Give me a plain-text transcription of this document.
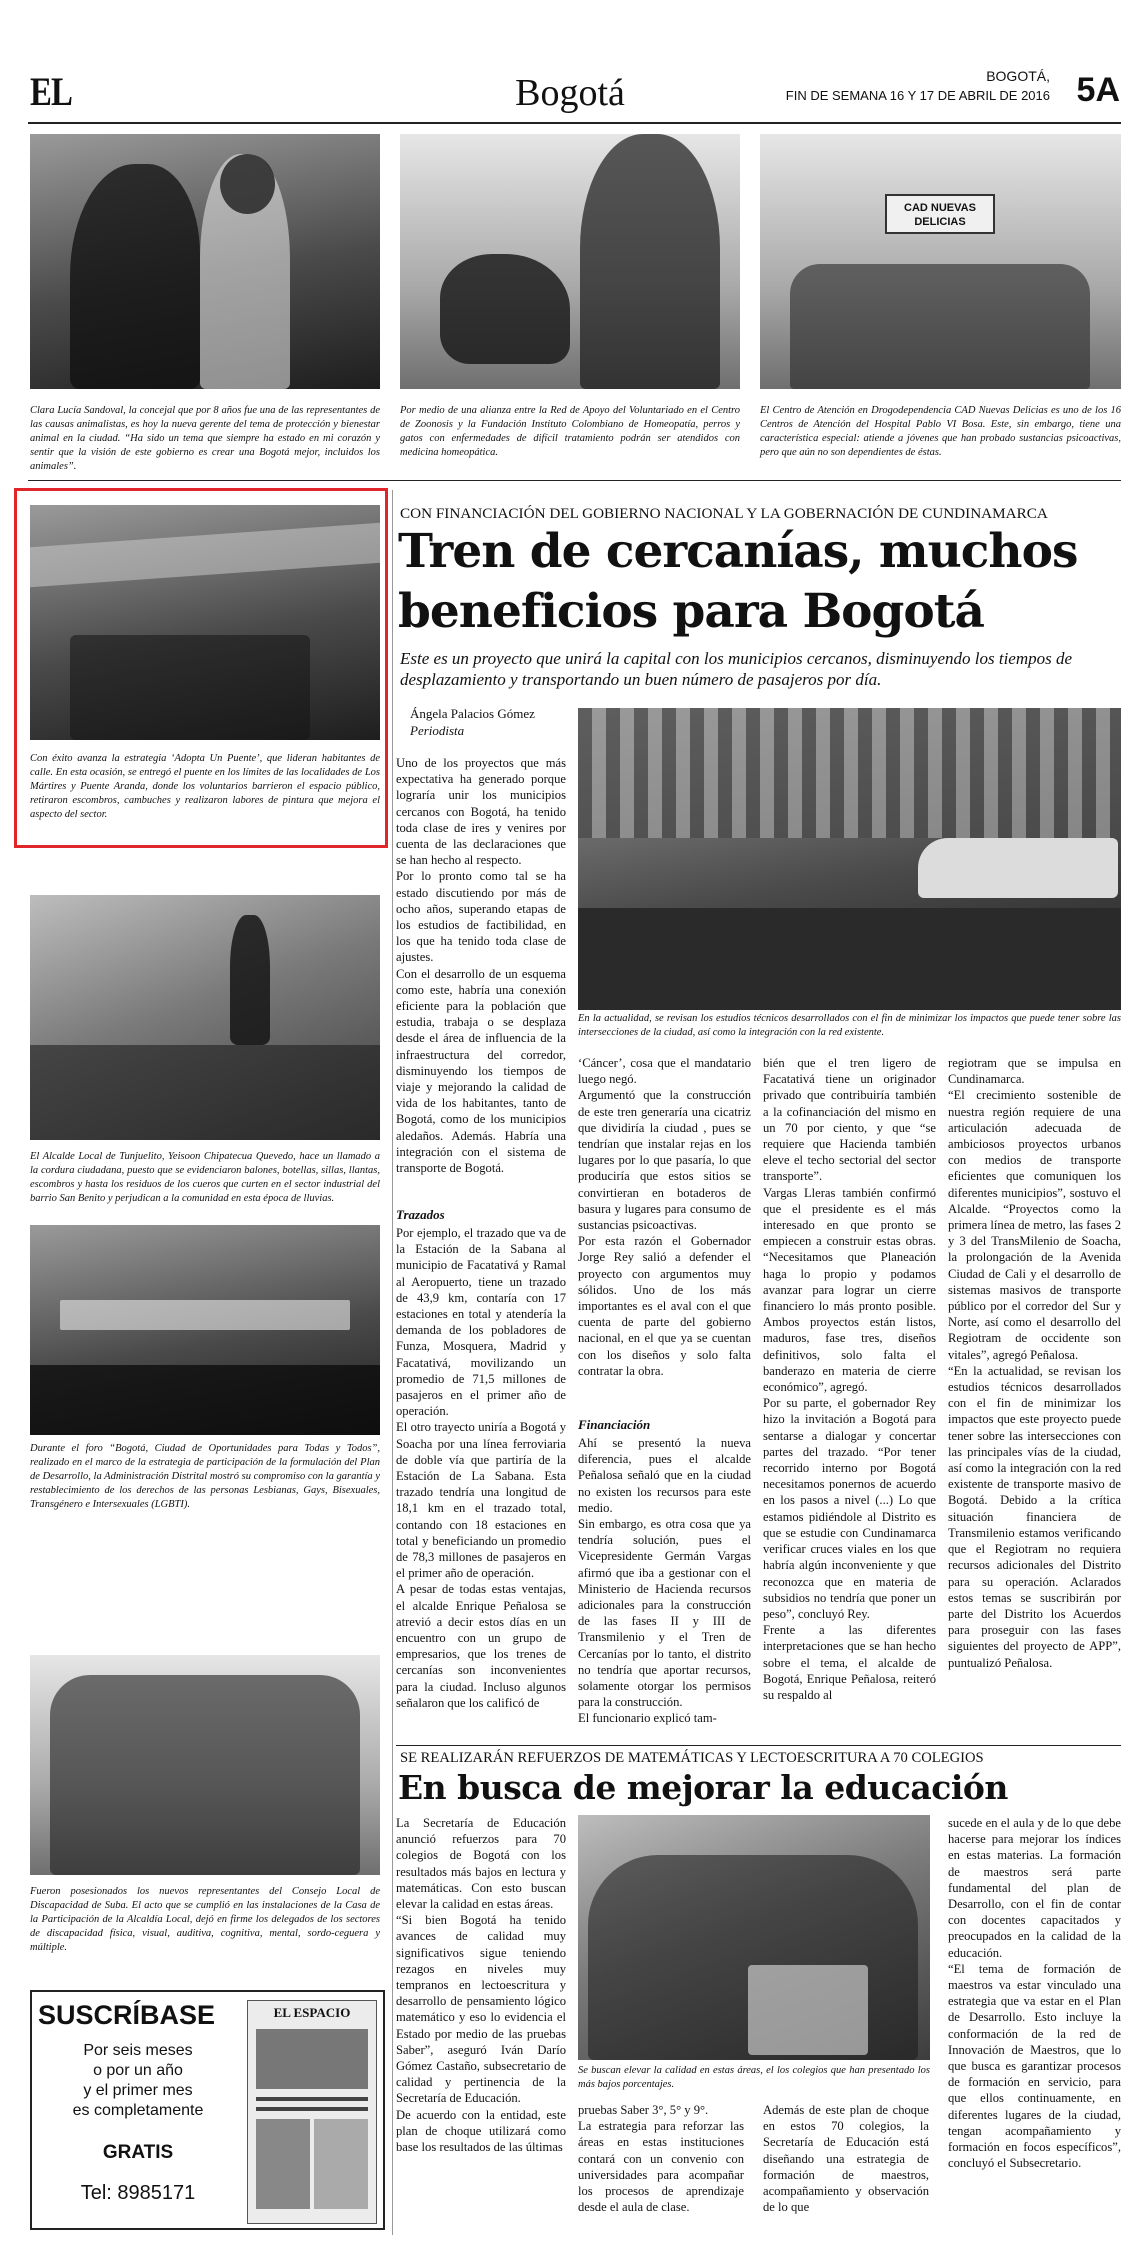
EL	Bogotá	BOGOTÁ,
FIN DE SEMANA 16 Y 17 DE ABRIL DE 2016 5A
CAD NUEVAS DELICIAS
Clara Lucía Sandoval, la concejal que por 8 años fue una de las representantes de las causas animalistas, es hoy la nueva gerente del tema de protección y bienestar animal en la ciudad. “Ha sido un tema que siempre ha estado en mi corazón y sentir que la visión de este gobierno es crear una Bogotá mejor, incluidos los animales”.
Por medio de una alianza entre la Red de Apoyo del Voluntariado en el Centro de Zoonosis y la Fundación Instituto Colombiano de Homeopatía, perros y gatos con enfermedades de difícil tratamiento podrán ser atendidos con medicina homeopática.
El Centro de Atención en Drogodependencia CAD Nuevas Delicias es uno de los 16 Centros de Atención del Hospital Pablo VI Bosa. Este, sin embargo, tiene una característica especial: atiende a jóvenes que han probado sustancias psicoactivas, pero que aún no son dependientes de éstas.
Con éxito avanza la estrategia ‘Adopta Un Puente’, que lideran habitantes de calle. En esta ocasión, se entregó el puente en los límites de las localidades de Los Mártires y Puente Aranda, donde los voluntarios barrieron el espacio público, retiraron escombros, cambuches y realizaron labores de pintura que mejora el aspecto del sector.
El Alcalde Local de Tunjuelito, Yeisoon Chipatecua Quevedo, hace un llamado a la cordura ciudadana, puesto que se evidenciaron balones, botellas, sillas, llantas, escombros y hasta los residuos de los cueros que curten en el sector industrial del barrio San Benito y perjudican a la comunidad en esta época de lluvias.
Durante el foro “Bogotá, Ciudad de Oportunidades para Todas y Todos”, realizado en el marco de la estrategia de participación de la formulación del Plan de Desarrollo, la Administración Distrital mostró su compromiso con la garantía y restablecimiento de los derechos de las personas Lesbianas, Gays, Bisexuales, Transgénero e Intersexuales (LGBTI).
Fueron posesionados los nuevos representantes del Consejo Local de Discapacidad de Suba. El acto que se cumplió en las instalaciones de la Casa de la Participación de la Alcaldía Local, dejó en firme los delegados de los sectores de discapacidad física, visual, auditiva, cognitiva, mental, sordo-ceguera y múltiple.
SUSCRÍBASE
Por seis meses
o por un año
y el primer mes
es completamente
GRATIS
Tel: 8985171
EL ESPACIO
CON FINANCIACIÓN DEL GOBIERNO NACIONAL Y LA GOBERNACIÓN DE CUNDINAMARCA
Tren de cercanías, muchos
beneficios para Bogotá
Este es un proyecto que unirá la capital con los municipios cercanos, disminuyendo los tiempos de desplazamiento y transportando un buen número de pasajeros por día.
Ángela Palacios Gómez
Periodista
En la actualidad, se revisan los estudios técnicos desarrollados con el fin de minimizar los impactos que puede tener sobre las intersecciones de la ciudad, así como la integración con la red existente.
Uno de los proyectos que más expectativa ha generado porque lograría unir los municipios cercanos con Bogotá, ha tenido toda clase de ires y venires por cuenta de las declaraciones que se han hecho al respecto.
Por lo pronto como tal se ha estado discutiendo por más de ocho años, superando etapas de los estudios de factibilidad, en los que ha tenido toda clase de ajustes.
Con el desarrollo de un esquema como este, habría una conexión eficiente para la población que estudia, trabaja o se desplaza desde el área de influencia de la infraestructura del corredor, disminuyendo los tiempos de viaje y mejorando la calidad de vida de los habitantes, tanto de Bogotá, como de los municipios aledaños. Además. Habría una integración con el sistema de transporte de Bogotá.
Trazados
Por ejemplo, el trazado que va de la Estación de la Sabana al municipio de Facatativá y Ramal al Aeropuerto, tiene un trazado de 43,9 km, contaría con 17 estaciones en total y atendería la demanda de los pobladores de Funza, Mosquera, Madrid y Facatativá, movilizando un promedio de 71,5 millones de pasajeros en el primer año de operación.
El otro trayecto uniría a Bogotá y Soacha por una línea ferroviaria de doble vía que partiría de la Estación de La Sabana. Esta trazado tendría una longitud de 18,1 km en el trazado total, contando con 18 estaciones en total y beneficiando un promedio de 78,3 millones de pasajeros en el primer año de operación.
A pesar de todas estas ventajas, el alcalde Enrique Peñalosa se atrevió a decir estos días en un encuentro con un grupo de empresarios, que los trenes de cercanías son inconvenientes para la ciudad. Incluso algunos señalaron que los calificó de
‘Cáncer’, cosa que el mandatario luego negó.
Argumentó que la construcción de este tren generaría una cicatriz que dividiría la ciudad , pues se tendrían que instalar rejas en los lugares por lo que pasaría, lo que produciría que estos sitios se convirtieran en botaderos de basura y lugares para consumo de sustancias psicoactivas.
Por esta razón el Gobernador Jorge Rey salió a defender el proyecto con argumentos muy sólidos. Uno de los más importantes es el aval con el que cuenta de parte del gobierno nacional, en el que ya se cuentan con los diseños y solo falta contratar la obra.
Financiación
Ahí se presentó la nueva diferencia, pues el alcalde Peñalosa señaló que en la ciudad no existen los recursos para este medio.
Sin embargo, es otra cosa que ya tendría solución, pues el Vicepresidente Germán Vargas afirmó que iba a gestionar con el Ministerio de Hacienda recursos adicionales para la construcción de las fases II y III de Transmilenio y el Tren de Cercanías por lo tanto, el distrito no tendría que aportar recursos, solamente otorgar los permisos para la construcción.
El funcionario explicó tam-
bién que el tren ligero de Facatativá tiene un originador privado que contribuiría también a la cofinanciación del mismo en un 70 por ciento, y que “se requiere que Hacienda también eleve el techo sectorial del sector transporte”.
Vargas Lleras también confirmó que el presidente es el más interesado en que pronto se empiecen a construir estas obras. “Necesitamos que Planeación haga lo propio y podamos avanzar para lograr un cierre financiero lo más pronto posible. Ambos proyectos están listos, maduros, fase tres, diseños definitivos, solo falta el banderazo en materia de cierre económico”, agregó.
Por su parte, el gobernador Rey hizo la invitación a Bogotá para sentarse a dialogar y concertar partes del trazado. “Por tener recorrido interno por Bogotá necesitamos ponernos de acuerdo en los pasos a nivel (...) Lo que estamos pidiéndole al Distrito es que se estudie con Cundinamarca verificar cruces viales en los que habría algún inconveniente y que reconozca que en materia de subsidios no tendría que poner un peso”, concluyó Rey.
Frente a las diferentes interpretaciones que se han hecho sobre el tema, el alcalde de Bogotá, Enrique Peñalosa, reiteró su respaldo al
regiotram que se impulsa en Cundinamarca.
“El crecimiento sostenible de nuestra región requiere de una articulación adecuada de ambiciosos proyectos urbanos con medios de transporte eficientes que comuniquen los diferentes municipios”, sostuvo el Alcalde. “Proyectos como la primera línea de metro, las fases 2 y 3 del TransMilenio de Soacha, la prolongación de la Avenida Ciudad de Cali y el desarrollo de sistemas masivos de transporte público por el corredor del Sur y Norte, así como el desarrollo del Regiotram de occidente son vitales”, agregó Peñalosa.
“En la actualidad, se revisan los estudios técnicos desarrollados con el fin de minimizar los impactos que este proyecto puede tener sobre las intersecciones con las principales vías de la ciudad, así como la integración con la red existente de transporte masivo de Bogotá. Debido a la crítica situación financiera de Transmilenio estamos verificando que el Regiotram no requiera recursos adicionales del Distrito para su operación. Aclarados estos temas se suscribirán por parte del Distrito los Acuerdos para proseguir con las fases siguientes del proyecto de APP”, puntualizó Peñalosa.
SE REALIZARÁN REFUERZOS DE MATEMÁTICAS Y LECTOESCRITURA A 70 COLEGIOS
En busca de mejorar la educación
La Secretaría de Educación anunció refuerzos para 70 colegios de Bogotá con los resultados más bajos en lectura y matemáticas. Con esto buscan elevar la calidad en estas áreas.
“Si bien Bogotá ha tenido avances de calidad muy significativos sigue teniendo rezagos en niveles muy tempranos en lectoescritura y desarrollo de pensamiento lógico matemático y eso lo evidencia el Estado por medio de las pruebas Saber”, aseguró Iván Darío Gómez Castaño, subsecretario de calidad y pertinencia de la Secretaría de Educación.
De acuerdo con la entidad, este plan de choque utilizará como base los resultados de las últimas
Se buscan elevar la calidad en estas áreas, el los colegios que han presentado los más bajos porcentajes.
pruebas Saber 3°, 5° y 9°.
La estrategia para reforzar las áreas en estas instituciones contará con un convenio con universidades para acompañar los procesos de aprendizaje desde el aula de clase.
Además de este plan de choque en estos 70 colegios, la Secretaría de Educación está diseñando una estrategia de formación de maestros, acompañamiento y observación de lo que
sucede en el aula y de lo que debe hacerse para mejorar los índices en estas materias. La formación de maestros será parte fundamental del plan de Desarrollo, con el fin de contar con docentes capacitados y preocupados en la calidad de la educación.
“El tema de formación de maestros va estar vinculado una estrategia que va estar en el Plan de Desarrollo. Esto incluye la conformación de la red de Innovación de Maestros, que lo que busca es garantizar procesos de formación en servicio, para que ellos continuamente, en diferentes lugares de la ciudad, tengan acompañamiento y formación en focos específicos”, concluyó el Subsecretario.
